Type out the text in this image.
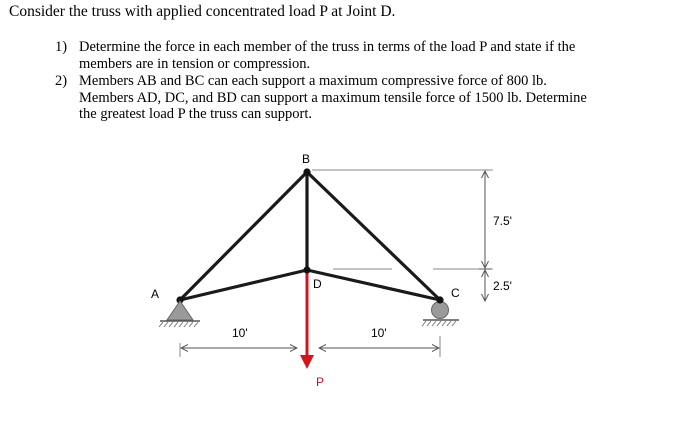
Consider the truss with applied concentrated load P at Joint D.

1) Determine the force in each member of the truss in terms of the load P and state if the
members are in tension or compression.
2) Members AB and BC can each support a maximum compressive force of 800 lb.
Members AD, DC, and BD can support a maximum tensile force of 1500 lb. Determine
the greatest load P the truss can support.
A
B
C
D
P
10'	10'
7.5'
2.5'
